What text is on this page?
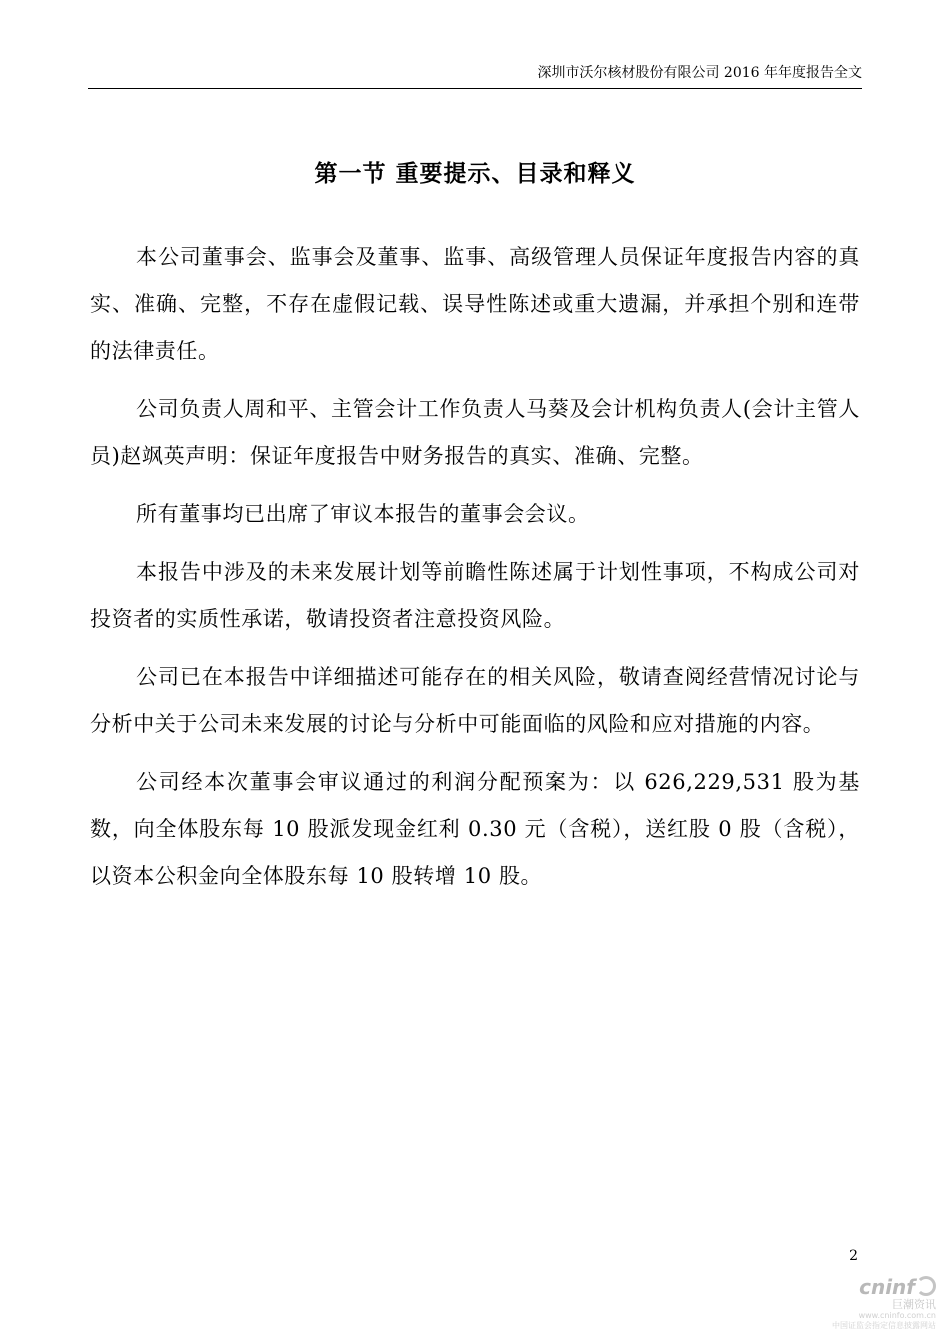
深圳市沃尔核材股份有限公司 2016 年年度报告全文
第一节 重要提示、目录和释义

本公司董事会、监事会及董事、监事、高级管理人员保证年度报告内容的真实、准确、完整，不存在虚假记载、误导性陈述或重大遗漏，并承担个别和连带的法律责任。

公司负责人周和平、主管会计工作负责人马葵及会计机构负责人(会计主管人员)赵飒英声明：保证年度报告中财务报告的真实、准确、完整。

所有董事均已出席了审议本报告的董事会会议。

本报告中涉及的未来发展计划等前瞻性陈述属于计划性事项，不构成公司对投资者的实质性承诺，敬请投资者注意投资风险。

公司已在本报告中详细描述可能存在的相关风险，敬请查阅经营情况讨论与分析中关于公司未来发展的讨论与分析中可能面临的风险和应对措施的内容。

公司经本次董事会审议通过的利润分配预案为：以 626,229,531 股为基数，向全体股东每 10 股派发现金红利 0.30 元（含税），送红股 0 股（含税），以资本公积金向全体股东每 10 股转增 10 股。

2
cninf
巨潮资讯
www.cninfo.com.cn
中国证监会指定信息披露网站
